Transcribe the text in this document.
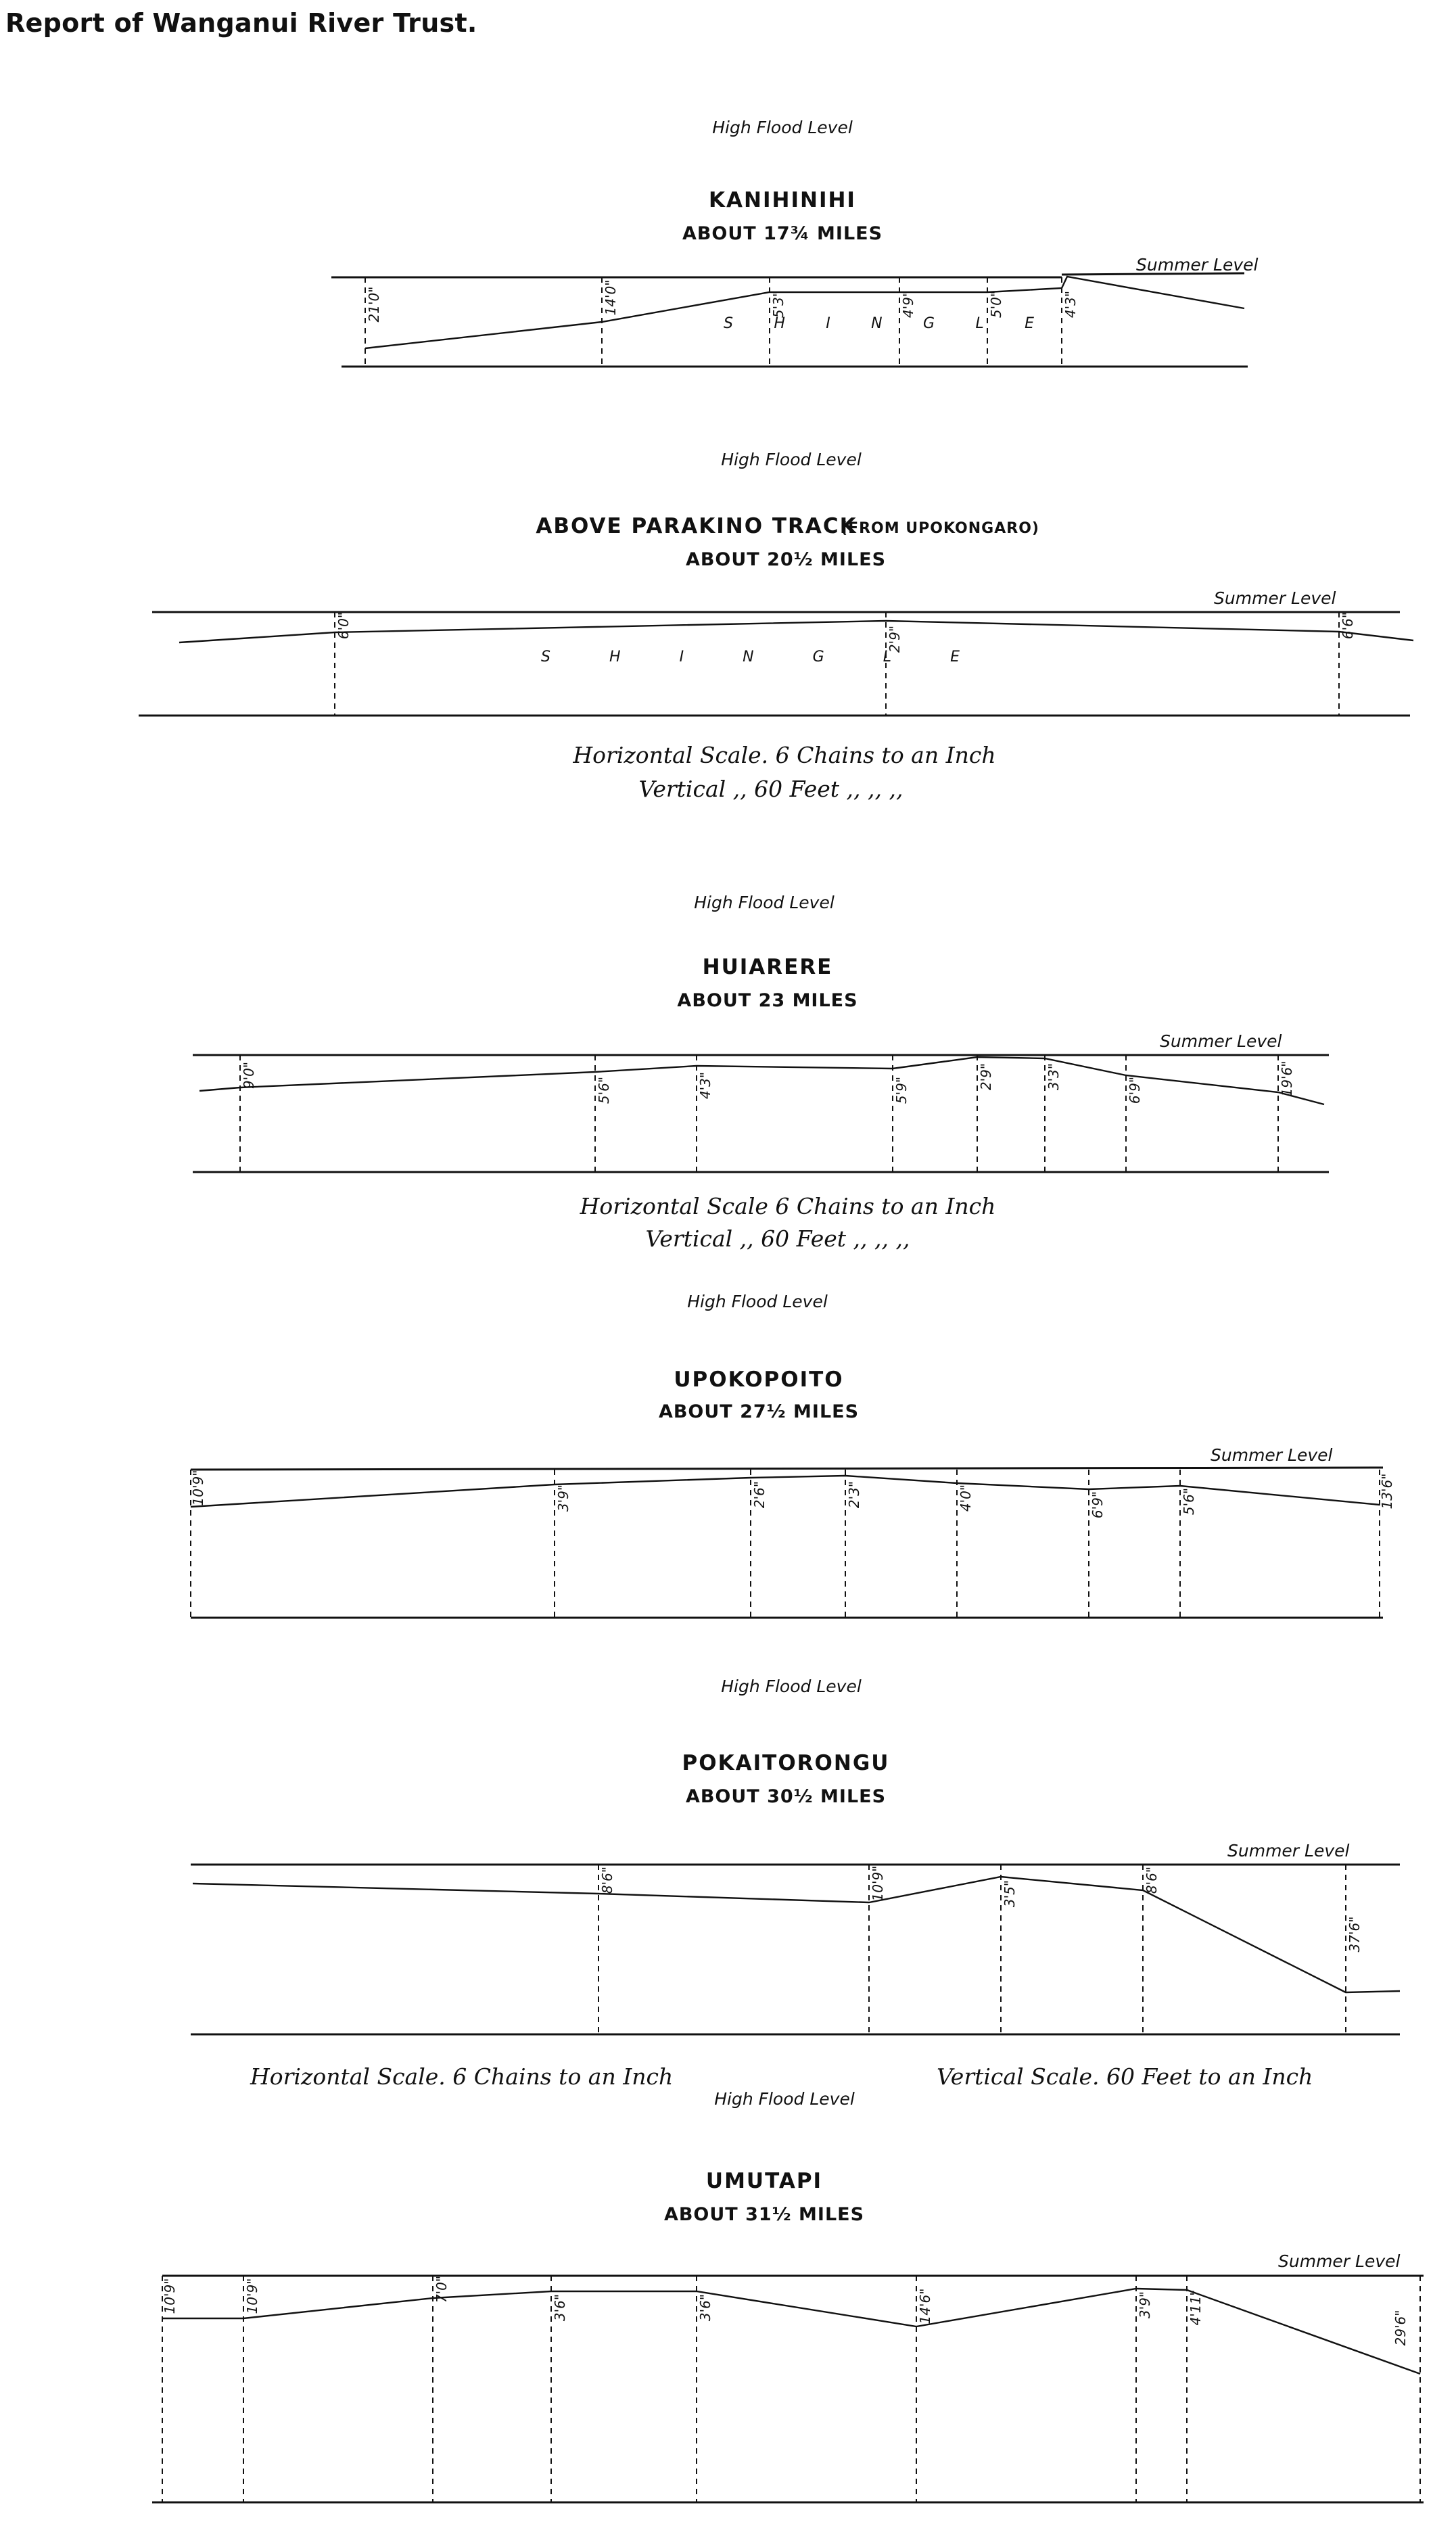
Report of Wanganui River Trust.
High Flood Level
KANIHINIHI
ABOUT 17¾ MILES
Summer Level
21'0"	14'0"	5'3"	4'9"	5'0"	4'3"
S H I N G L E
High Flood Level
ABOVE PARAKINO TRACK
(FROM UPOKONGARO)
ABOUT 20½ MILES
Summer Level
6'0"	2'9"	6'6"
S H I N G L E
Horizontal Scale. 6 Chains to an Inch
Vertical ,, 60 Feet ,, ,, ,,
High Flood Level
HUIARERE
ABOUT 23 MILES
Summer Level
9'0"
5'6"	4'3"	5'9"	2'9"	3'3"	6'9"	19'6"
Horizontal Scale 6 Chains to an Inch
Vertical ,, 60 Feet ,, ,, ,,
High Flood Level
UPOKOPOITO
ABOUT 27½ MILES
Summer Level
10'9"	3'9"	2'6"	2'3"	4'0"	6'9"	5'6"	13'6"
High Flood Level
POKAITORONGU
ABOUT 30½ MILES
Summer Level
8'6"	10'9"	3'5"	8'6"
37'6"
Horizontal Scale. 6 Chains to an Inch	Vertical Scale. 60 Feet to an Inch
High Flood Level
UMUTAPI
ABOUT 31½ MILES
Summer Level
10'9"	10'9"	7'0"
3'6"	3'6"	14'6"	3'9"	4'11"
29'6"
